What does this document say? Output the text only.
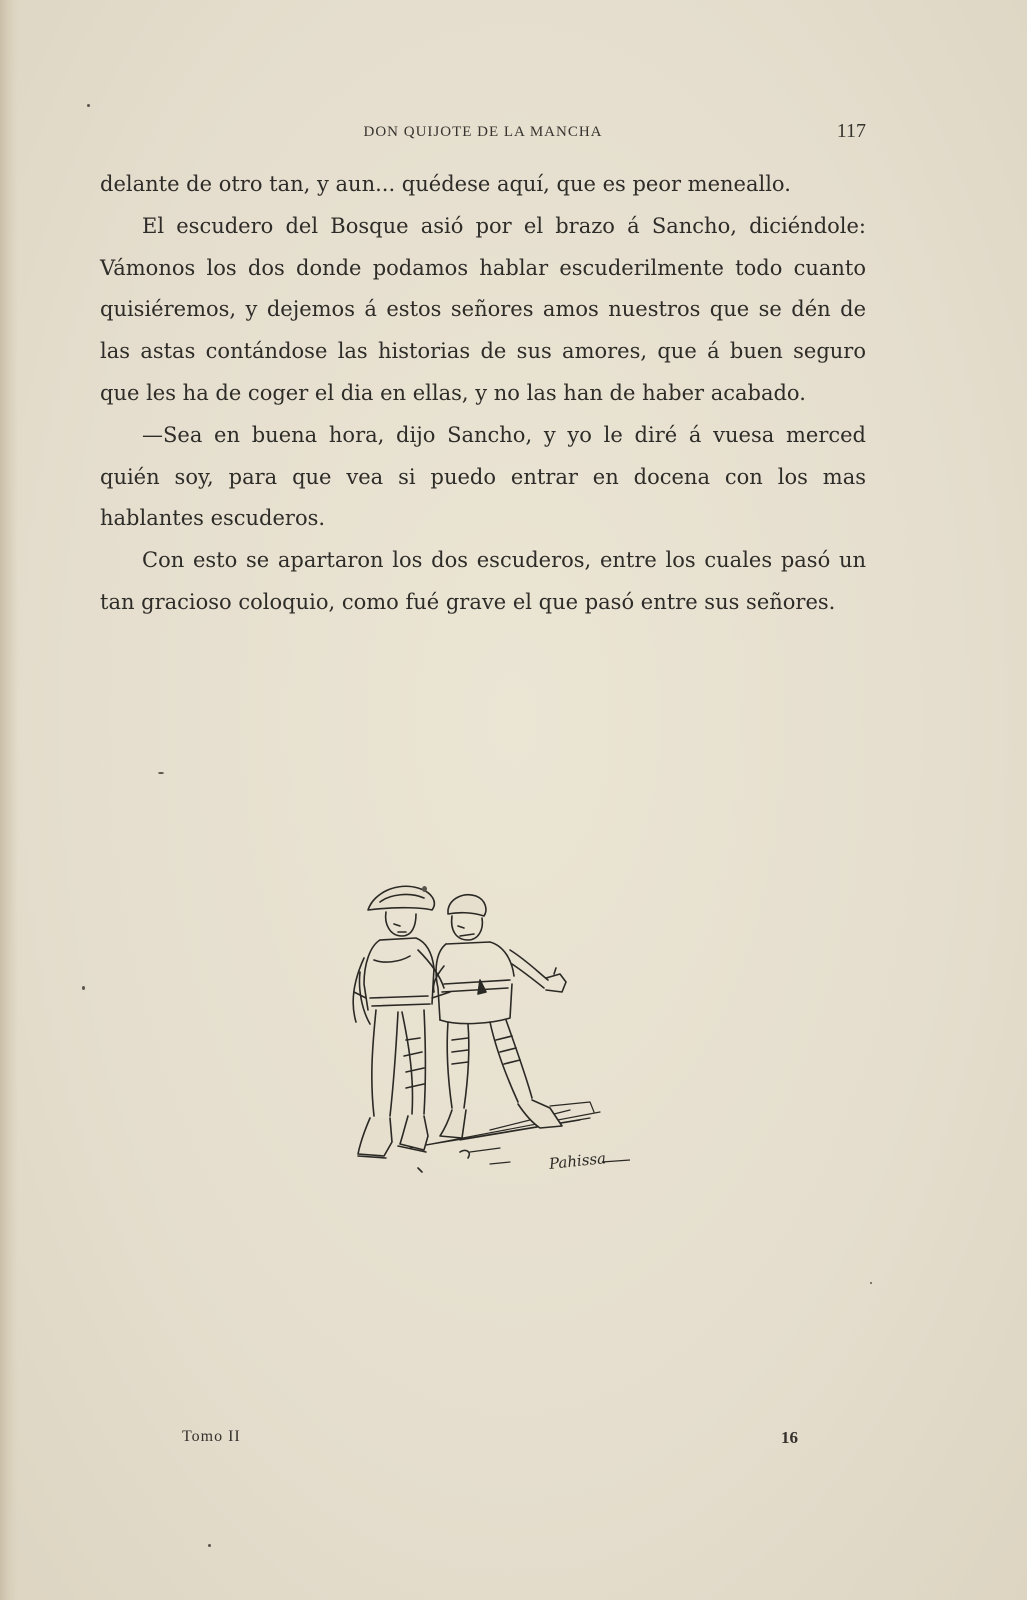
DON QUIJOTE DE LA MANCHA	117

delante de otro tan, y aun... quédese aquí, que es peor meneallo.

El escudero del Bosque asió por el brazo á Sancho, diciéndole: Vámonos los dos donde podamos hablar escuderilmente todo cuanto quisiéremos, y dejemos á estos señores amos nuestros que se dén de las astas contándose las historias de sus amores, que á buen seguro que les ha de coger el dia en ellas, y no las han de haber acabado.

—Sea en buena hora, dijo Sancho, y yo le diré á vuesa merced quién soy, para que vea si puedo entrar en docena con los mas hablantes escuderos.

Con esto se apartaron los dos escuderos, entre los cuales pasó un tan gracioso coloquio, como fué grave el que pasó entre sus señores.

Pahissa
Tomo II	16
